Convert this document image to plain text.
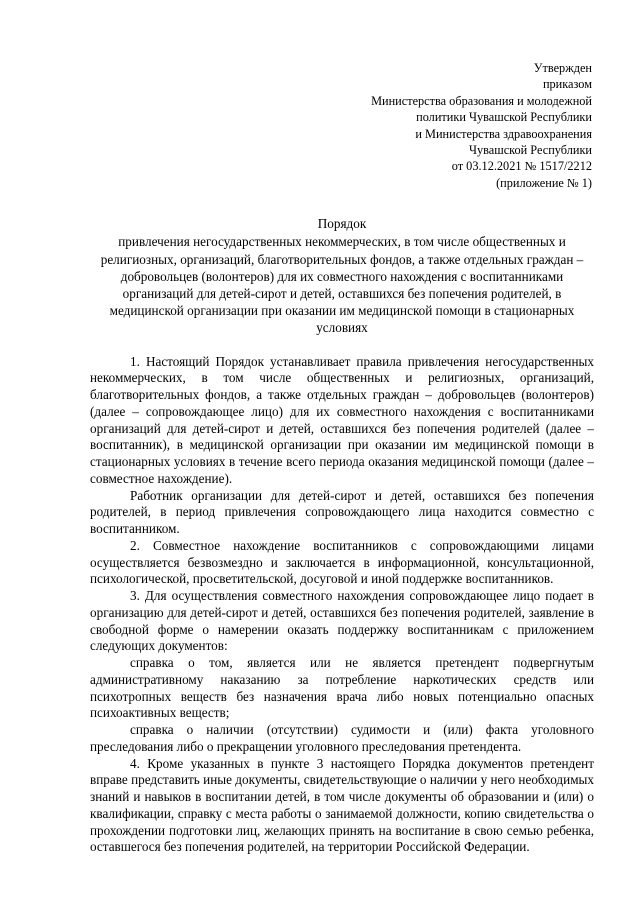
Утвержден
приказом
Министерства образования и молодежной
политики Чувашской Республики
и Министерства здравоохранения
Чувашской Республики
от 03.12.2021 № 1517/2212
(приложение № 1)
Порядок
привлечения негосударственных некоммерческих, в том числе общественных и религиозных, организаций, благотворительных фондов, а также отдельных граждан – добровольцев (волонтеров) для их совместного нахождения с воспитанниками организаций для детей-сирот и детей, оставшихся без попечения родителей, в медицинской организации при оказании им медицинской помощи в стационарных условиях

1. Настоящий Порядок устанавливает правила привлечения негосударственных некоммерческих, в том числе общественных и религиозных, организаций, благотворительных фондов, а также отдельных граждан – добровольцев (волонтеров) (далее – сопровождающее лицо) для их совместного нахождения с воспитанниками организаций для детей-сирот и детей, оставшихся без попечения родителей (далее – воспитанник), в медицинской организации при оказании им медицинской помощи в стационарных условиях в течение всего периода оказания медицинской помощи (далее – совместное нахождение).

Работник организации для детей-сирот и детей, оставшихся без попечения родителей, в период привлечения сопровождающего лица находится совместно с воспитанником.

2. Совместное нахождение воспитанников с сопровождающими лицами осуществляется безвозмездно и заключается в информационной, консультационной, психологической, просветительской, досуговой и иной поддержке воспитанников.

3. Для осуществления совместного нахождения сопровождающее лицо подает в организацию для детей-сирот и детей, оставшихся без попечения родителей, заявление в свободной форме о намерении оказать поддержку воспитанникам с приложением следующих документов:

справка о том, является или не является претендент подвергнутым административному наказанию за потребление наркотических средств или психотропных веществ без назначения врача либо новых потенциально опасных психоактивных веществ;

справка о наличии (отсутствии) судимости и (или) факта уголовного преследования либо о прекращении уголовного преследования претендента.

4. Кроме указанных в пункте 3 настоящего Порядка документов претендент вправе представить иные документы, свидетельствующие о наличии у него необходимых знаний и навыков в воспитании детей, в том числе документы об образовании и (или) о квалификации, справку с места работы о занимаемой должности, копию свидетельства о прохождении подготовки лиц, желающих принять на воспитание в свою семью ребенка, оставшегося без попечения родителей, на территории Российской Федерации.
